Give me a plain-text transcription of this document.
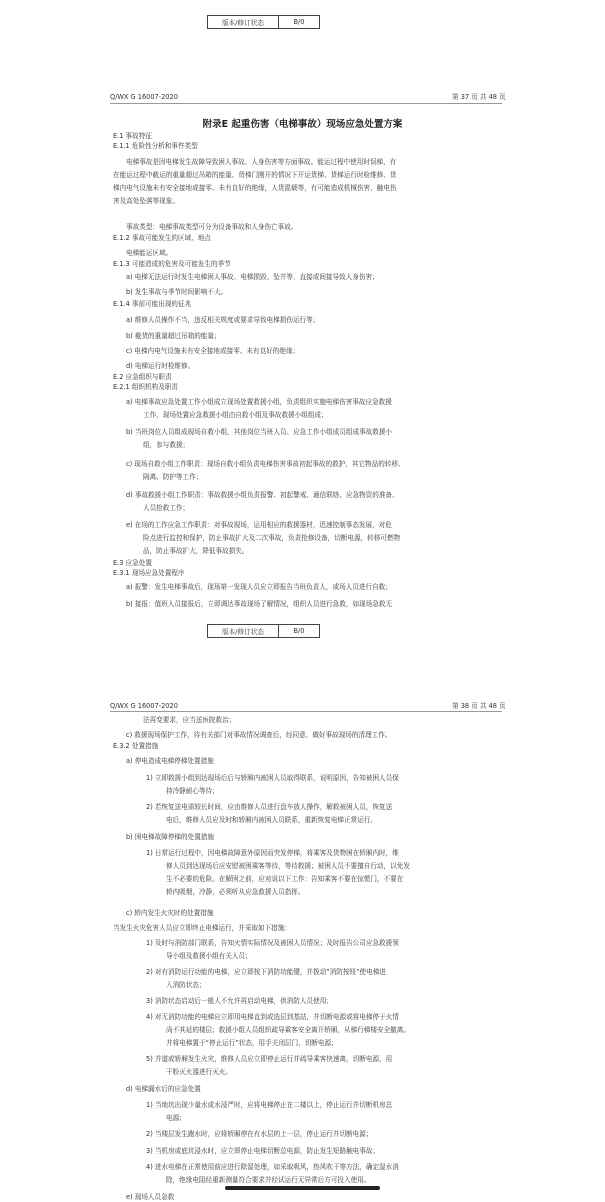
版本/修订状态	B/0
Q/WX G 16007-2020	第 37 页 共 48 页
附录E 起重伤害（电梯事故）现场应急处置方案
E.1 事故特征
E.1.1 危险性分析和事件类型
电梯事故是因电梯发生故障导致困人事故、人身伤害等方面事故。能运过程中使用时误梯，有
在能运过程中截运的重量超过吊箱的能量、货梯门刚开的情况下开运货梯、货梯运行时检维修、货
梯内电气设施未有安全接地或接零、未有良好的绝缘，人货混载等，有可能造成机械伤害、触电伤
害及高处坠落等现象。
事故类型：电梯事故类型可分为设备事故和人身伤亡事故。
E.1.2 事故可能发生的区域、地点
电梯能运区域。
E.1.3 可能造成的危害及可能发生的季节
a) 电梯无法运行时发生电梯困人事故、电梯损毁、坠井等，直接或间接导致人身伤害；
b) 发生事故与季节时间影响不大。
E.1.4 事前可能出现的征兆
a) 维修人员操作不当，违反相关规度或要求导致电梯损伤运行等；
b) 截货的重量超过吊箱的能量；
c) 电梯内电气设施未有安全接地或接零、未有良好的绝缘；
d) 电梯运行时检维修。
E.2 应急组织与职责
E.2.1 组织机构及职责
a) 电梯事故应急处置工作小组成立现场处置救援小组，负责组织实施电梯伤害事故应急救援
工作，现场处置应急救援小组由自救小组及事故救援小组组成；
b) 当班岗位人员组成现场自救小组，其他岗位当班人员、应急工作小组成员组成事故救援小
组，参与救援；
c) 现场自救小组工作职责：现场自救小组负责电梯伤害事故初起事故的救护，其它物品的转移、
隔离、防护等工作；
d) 事故救援小组工作职责：事故救援小组负责报警、初起警戒、通信联络、应急物资的准备、
人员抢救工作；
e) 在场的工作应急工作职责：对事故现场，运用相应的救援器材，迅速控制事态发展，对危
险点进行监控和保护，防止事故扩大及二次事故，负责抢修设备，切断电源，转移可燃物
品，防止事故扩大，降低事故损失。
E.3 应急处置
E.3.1 现场应急处置程序
a) 报警：发生电梯事故后，现场第一发现人员应立即报告当班负责人，或场人员进行自救；
b) 接报：值班人员接报后，立即调达事故现场了解情况，组织人员进行急救，如现场急救无
版本/修订状态	B/0
Q/WX G 16007-2020	第 38 页 共 48 页
法再变要求，应当送医院救治；
c) 救援现场保护工作，待有关部门对事故情况调查后，经同意，做好事故现场的清理工作。
E.3.2 处置措施
a) 停电造成电梯停梯处置措施
1) 立即救援小组到达现场后后与轿厢内被困人员取得联系，说明原因，告知被困人员保
持冷静耐心等待；
2) 若恢复送电需较长时间，应由维修人员进行盘车放人操作，解救被困人员，恢复送
电后，维修人员应及时和轿厢内被困人员联系，重新恢复电梯正常运行。
b) 困电梯故障停梯的处置措施
1) 日常运行过程中，因电梯故障意外原因而突发停梯，将乘客及货物困在轿厢内时，维
修人员到达现场后应安慰被困乘客等待，等待救援；被困人员不要擅自行动，以免发
生不必要的危险。在解困之前，应劝说以下工作：告知乘客不要在惊慌门，不要在
轿内吸烟，冷静，必须听从应急救援人员指挥。
c) 轿内发生火灾时的处置措施
当发生火灾危害人员应立即终止电梯运行，并采取如下措施：
1) 及时与消防部门联系，告知火情实际情况及被困人员情况；及时报告公司应急救援领
导小组及救援小组有关人员；
2) 对有消防运行功能的电梯，应立即按下消防功能键，并拨动“消防按钮”使电梯进
入消防状态；
3) 消防状态启动后一般人不允许再启动电梯，供消防人员使用；
4) 对无消防功能的电梯应立即用电梯直到或选层到基站，并切断电源或将电梯停于火情
尚不其延的楼层；救援小组人员组织疏导乘客安全离开轿厢，从梯行梯楼安全撤离。
并将电梯置于“停止运行”状态，用手关闭层门、切断电源；
5) 并道或轿厢发生火灾，维修人员应立即停止运行并疏导乘客快速离，切断电源，用
干粉灭火器进行灭火。
d) 电梯漏水后的应急处置
1) 当地坑出现少量水或水浸严时，应将电梯停止在二楼以上，停止运行并切断机房总
电源；
2) 当楼层发生跑水时，应将轿厢停在有水层的上一层，停止运行并切断电源；
3) 当机房或底坑浸水时，应立即停止电梯切断总电源，防止发生短路触电事故；
4) 进水电梯在正常使用前应进行除湿处理，如采取吸风，热风吹干等方法，确定湿水消
除，绝缘电阻经重新测量符合要求并经试运行无异常后方可投入使用。
e) 现场人员急救
